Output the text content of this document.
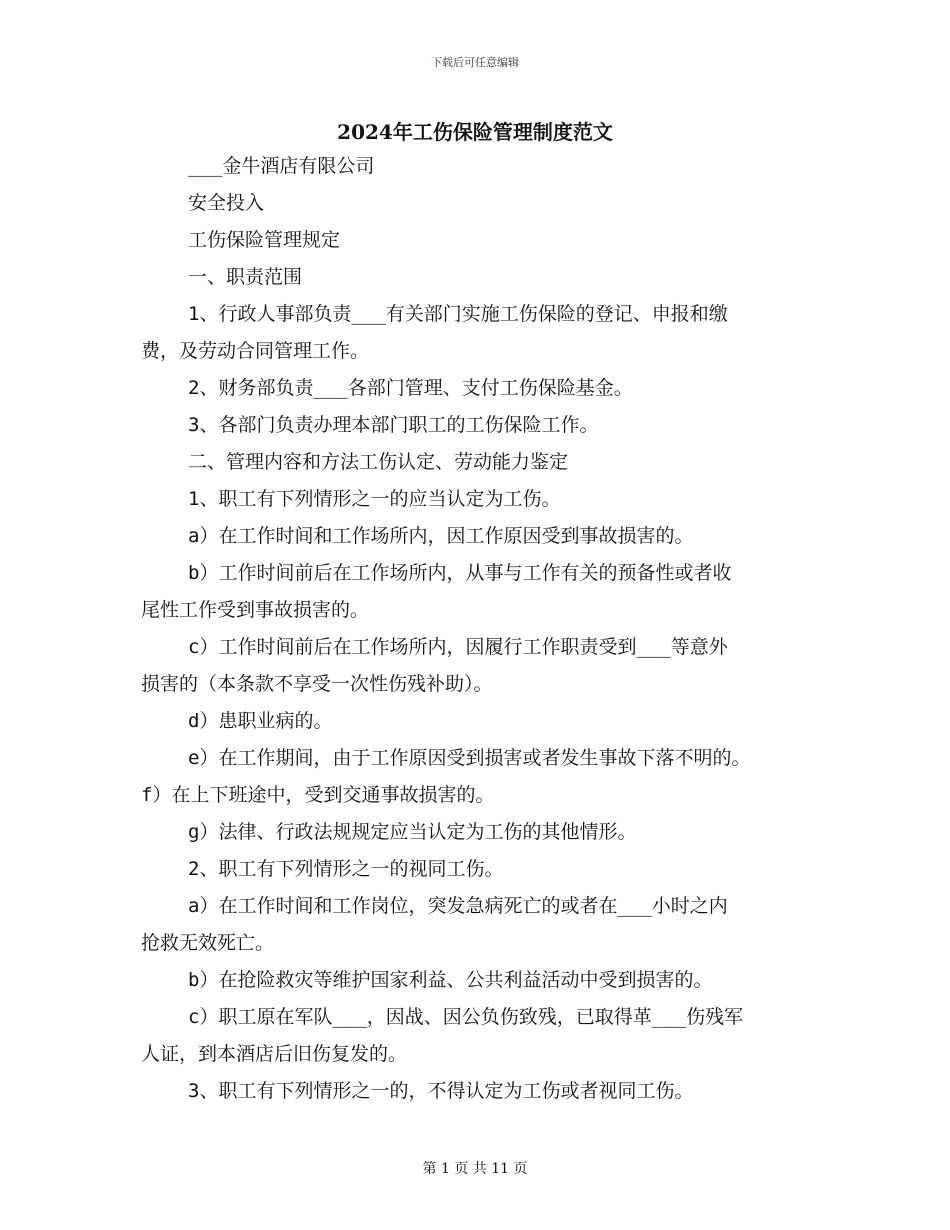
下载后可任意编辑
2024年工伤保险管理制度范文
___金牛酒店有限公司
安全投入
工伤保险管理规定
一、职责范围
1、行政人事部负责___有关部门实施工伤保险的登记、申报和缴
费，及劳动合同管理工作。
2、财务部负责___各部门管理、支付工伤保险基金。
3、各部门负责办理本部门职工的工伤保险工作。
二、管理内容和方法工伤认定、劳动能力鉴定
1、职工有下列情形之一的应当认定为工伤。
a）在工作时间和工作场所内，因工作原因受到事故损害的。
b）工作时间前后在工作场所内，从事与工作有关的预备性或者收
尾性工作受到事故损害的。
c）工作时间前后在工作场所内，因履行工作职责受到___等意外
损害的（本条款不享受一次性伤残补助）。
d）患职业病的。
e）在工作期间，由于工作原因受到损害或者发生事故下落不明的。
f）在上下班途中，受到交通事故损害的。
g）法律、行政法规规定应当认定为工伤的其他情形。
2、职工有下列情形之一的视同工伤。
a）在工作时间和工作岗位，突发急病死亡的或者在___小时之内
抢救无效死亡。
b）在抢险救灾等维护国家利益、公共利益活动中受到损害的。
c）职工原在军队___，因战、因公负伤致残，已取得革___伤残军
人证，到本酒店后旧伤复发的。
3、职工有下列情形之一的，不得认定为工伤或者视同工伤。
第 1 页 共 11 页
